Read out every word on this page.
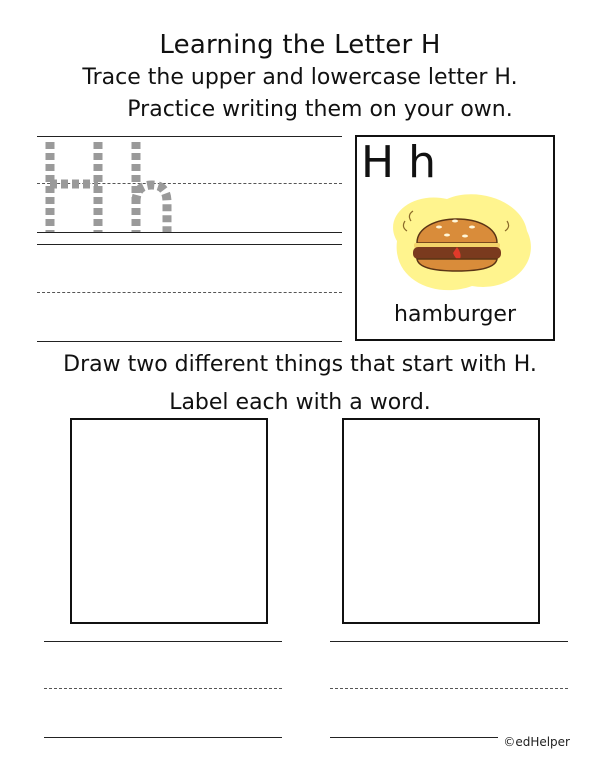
Learning the Letter H
Trace the upper and lowercase letter H.
Practice writing them on your own.
H h
hamburger
Draw two different things that start with H.
Label each with a word.
©edHelper
